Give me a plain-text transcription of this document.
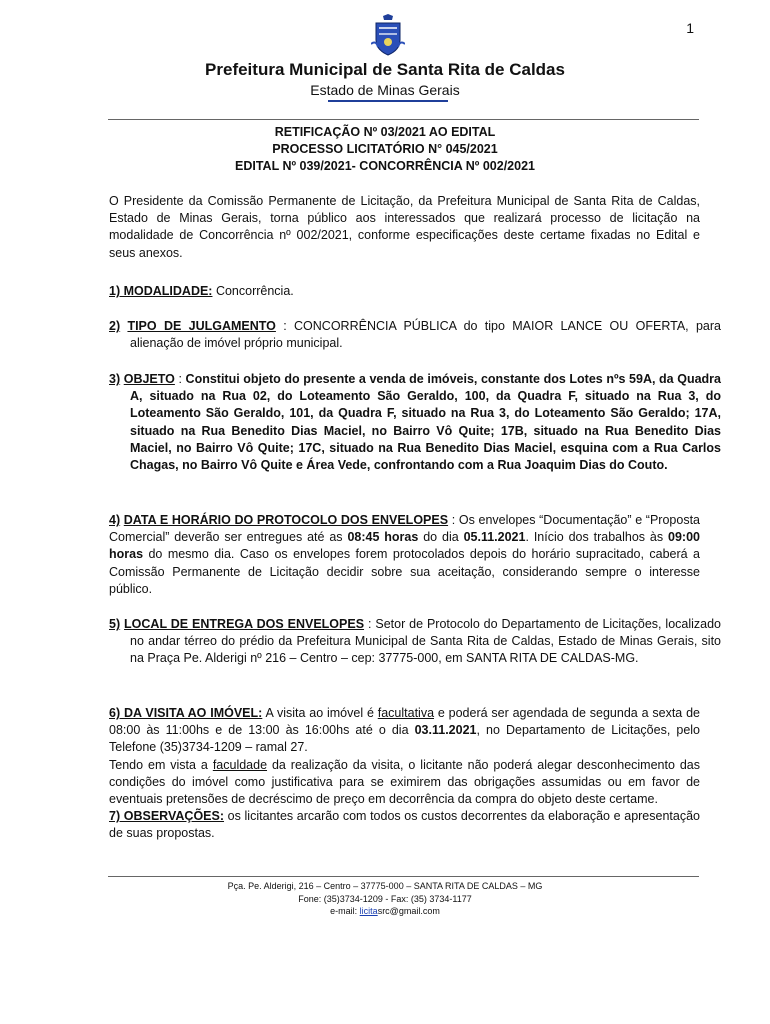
1
Prefeitura Municipal de Santa Rita de Caldas
Estado de Minas Gerais
RETIFICAÇÃO Nº 03/2021 AO EDITAL
PROCESSO LICITATÓRIO N° 045/2021
EDITAL Nº 039/2021- CONCORRÊNCIA Nº 002/2021
O Presidente da Comissão Permanente de Licitação, da Prefeitura Municipal de Santa Rita de Caldas, Estado de Minas Gerais, torna público aos interessados que realizará processo de licitação na modalidade de Concorrência nº 002/2021, conforme especificações deste certame fixadas no Edital e seus anexos.
1) MODALIDADE: Concorrência.
2) TIPO DE JULGAMENTO : CONCORRÊNCIA PÚBLICA do tipo MAIOR LANCE OU OFERTA, para alienação de imóvel próprio municipal.
3) OBJETO : Constitui objeto do presente a venda de imóveis, constante dos Lotes nºs 59A, da Quadra A, situado na Rua 02, do Loteamento São Geraldo, 100, da Quadra F, situado na Rua 3, do Loteamento São Geraldo, 101, da Quadra F, situado na Rua 3, do Loteamento São Geraldo; 17A, situado na Rua Benedito Dias Maciel, no Bairro Vô Quite; 17B, situado na Rua Benedito Dias Maciel, no Bairro Vô Quite; 17C, situado na Rua Benedito Dias Maciel, esquina com a Rua Carlos Chagas, no Bairro Vô Quite e Área Vede, confrontando com a Rua Joaquim Dias do Couto.
4) DATA E HORÁRIO DO PROTOCOLO DOS ENVELOPES : Os envelopes “Documentação” e “Proposta Comercial” deverão ser entregues até as 08:45 horas do dia 05.11.2021. Início dos trabalhos às 09:00 horas do mesmo dia. Caso os envelopes forem protocolados depois do horário supracitado, caberá a Comissão Permanente de Licitação decidir sobre sua aceitação, considerando sempre o interesse público.
5) LOCAL DE ENTREGA DOS ENVELOPES : Setor de Protocolo do Departamento de Licitações, localizado no andar térreo do prédio da Prefeitura Municipal de Santa Rita de Caldas, Estado de Minas Gerais, sito na Praça Pe. Alderigi nº 216 – Centro – cep: 37775-000, em SANTA RITA DE CALDAS-MG.
6) DA VISITA AO IMÓVEL: A visita ao imóvel é facultativa e poderá ser agendada de segunda a sexta de 08:00 às 11:00hs e de 13:00 às 16:00hs até o dia 03.11.2021, no Departamento de Licitações, pelo Telefone (35)3734-1209 – ramal 27.
Tendo em vista a faculdade da realização da visita, o licitante não poderá alegar desconhecimento das condições do imóvel como justificativa para se eximirem das obrigações assumidas ou em favor de eventuais pretensões de decréscimo de preço em decorrência da compra do objeto deste certame.
7) OBSERVAÇÕES: os licitantes arcarão com todos os custos decorrentes da elaboração e apresentação de suas propostas.
Pça. Pe. Alderigi, 216 – Centro – 37775-000 – SANTA RITA DE CALDAS – MG
Fone: (35)3734-1209 - Fax: (35) 3734-1177
e-mail: licitasrc@gmail.com
